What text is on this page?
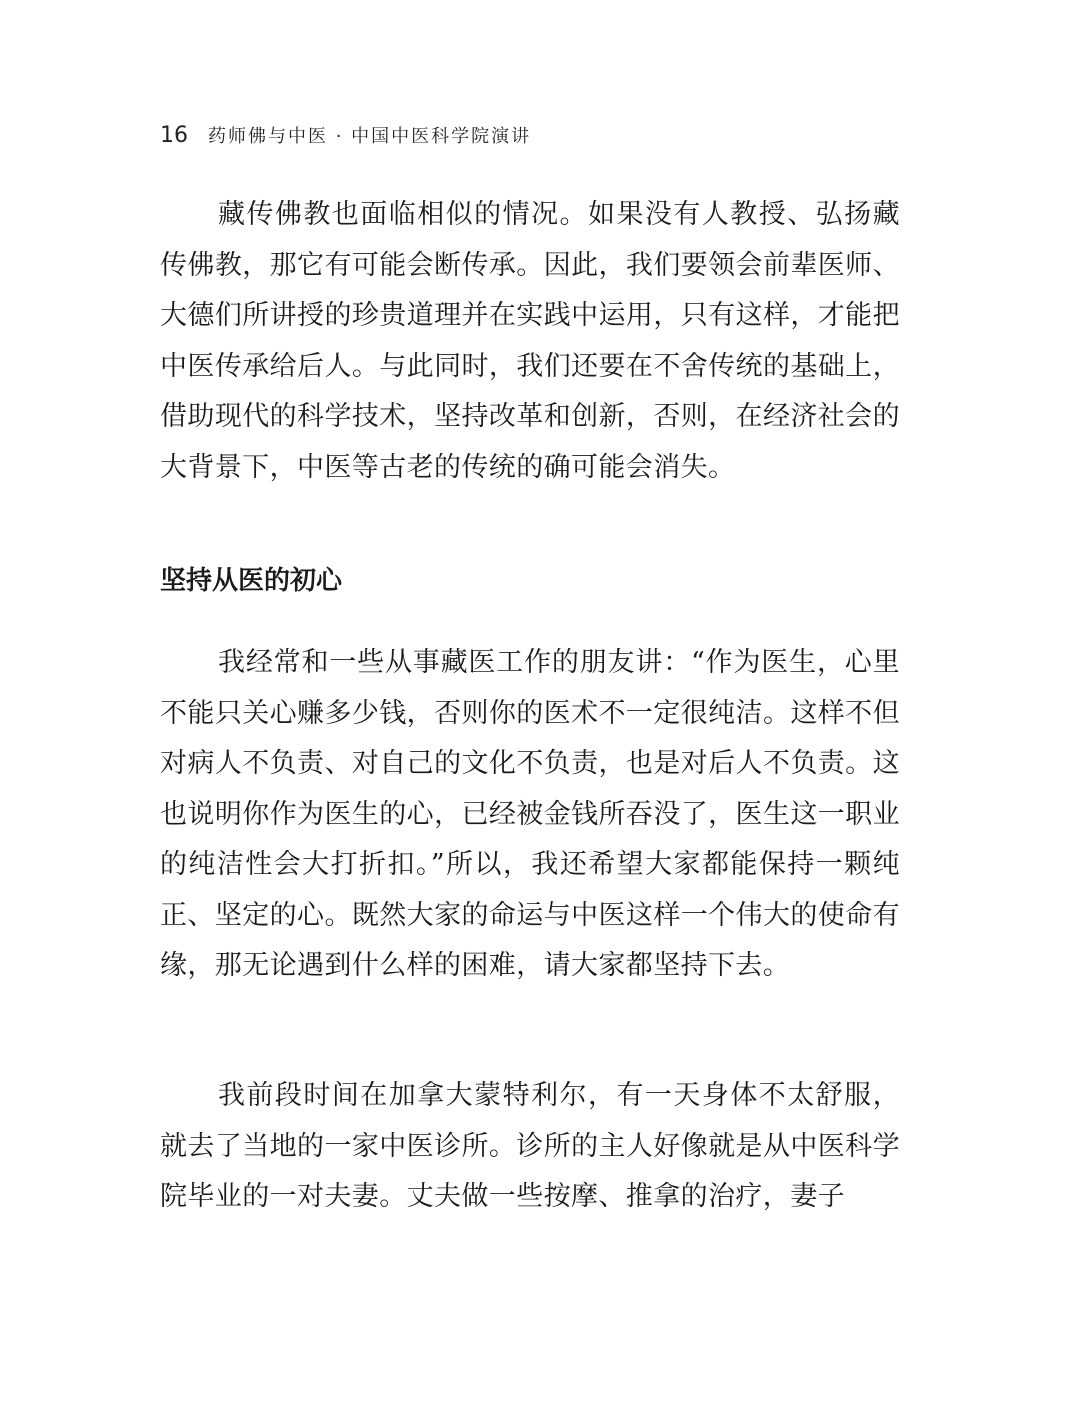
16 药师佛与中医 · 中国中医科学院演讲

藏传佛教也面临相似的情况。如果没有人教授、弘扬藏传佛教，那它有可能会断传承。因此，我们要领会前辈医师、大德们所讲授的珍贵道理并在实践中运用，只有这样，才能把中医传承给后人。与此同时，我们还要在不舍传统的基础上，借助现代的科学技术，坚持改革和创新，否则，在经济社会的大背景下，中医等古老的传统的确可能会消失。

坚持从医的初心

我经常和一些从事藏医工作的朋友讲：“作为医生，心里不能只关心赚多少钱，否则你的医术不一定很纯洁。这样不但对病人不负责、对自己的文化不负责，也是对后人不负责。这也说明你作为医生的心，已经被金钱所吞没了，医生这一职业的纯洁性会大打折扣。”所以，我还希望大家都能保持一颗纯正、坚定的心。既然大家的命运与中医这样一个伟大的使命有缘，那无论遇到什么样的困难，请大家都坚持下去。

我前段时间在加拿大蒙特利尔，有一天身体不太舒服，就去了当地的一家中医诊所。诊所的主人好像就是从中医科学院毕业的一对夫妻。丈夫做一些按摩、推拿的治疗，妻子
